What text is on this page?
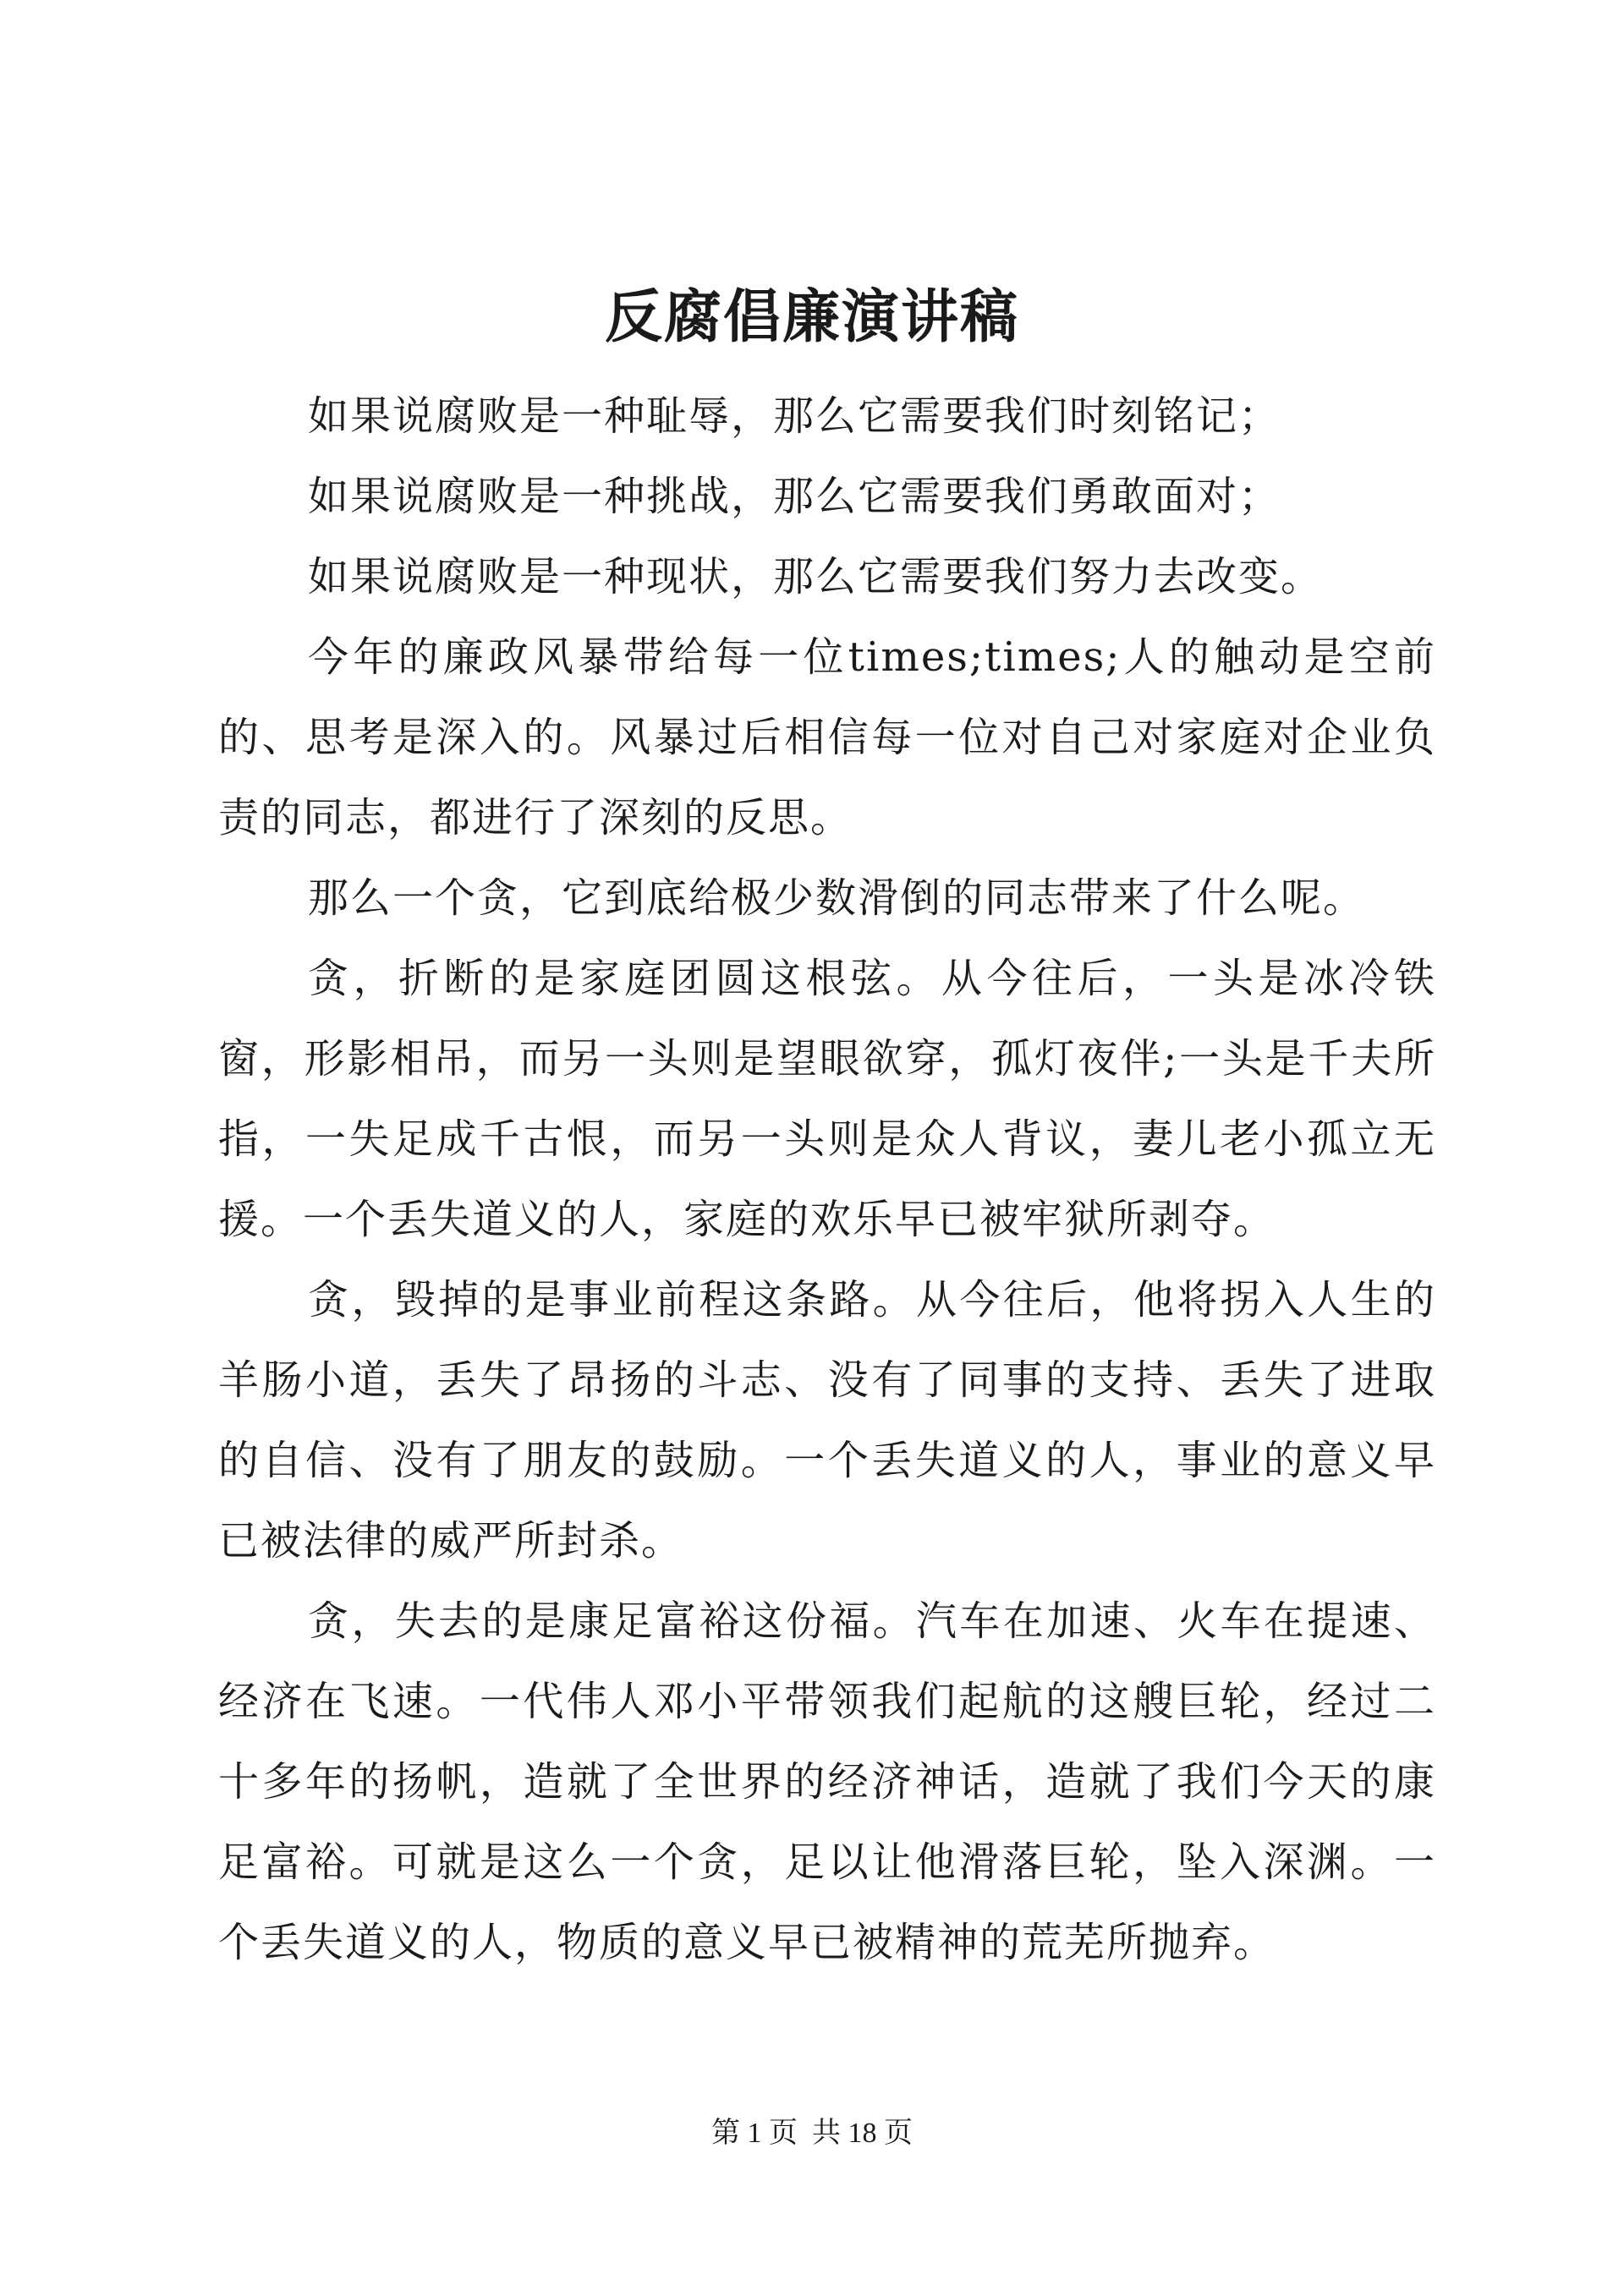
反腐倡廉演讲稿

如果说腐败是一种耻辱，那么它需要我们时刻铭记；

如果说腐败是一种挑战，那么它需要我们勇敢面对；

如果说腐败是一种现状，那么它需要我们努力去改变。

今年的廉政风暴带给每一位times;times;人的触动是空前的、思考是深入的。风暴过后相信每一位对自己对家庭对企业负责的同志，都进行了深刻的反思。

那么一个贪，它到底给极少数滑倒的同志带来了什么呢。

贪，折断的是家庭团圆这根弦。从今往后，一头是冰冷铁窗，形影相吊，而另一头则是望眼欲穿，孤灯夜伴;一头是千夫所指，一失足成千古恨，而另一头则是众人背议，妻儿老小孤立无援。一个丢失道义的人，家庭的欢乐早已被牢狱所剥夺。

贪，毁掉的是事业前程这条路。从今往后，他将拐入人生的羊肠小道，丢失了昂扬的斗志、没有了同事的支持、丢失了进取的自信、没有了朋友的鼓励。一个丢失道义的人，事业的意义早已被法律的威严所封杀。

贪，失去的是康足富裕这份福。汽车在加速、火车在提速、经济在飞速。一代伟人邓小平带领我们起航的这艘巨轮，经过二十多年的扬帆，造就了全世界的经济神话，造就了我们今天的康足富裕。可就是这么一个贪，足以让他滑落巨轮，坠入深渊。一个丢失道义的人，物质的意义早已被精神的荒芜所抛弃。

第 1 页  共 18 页
